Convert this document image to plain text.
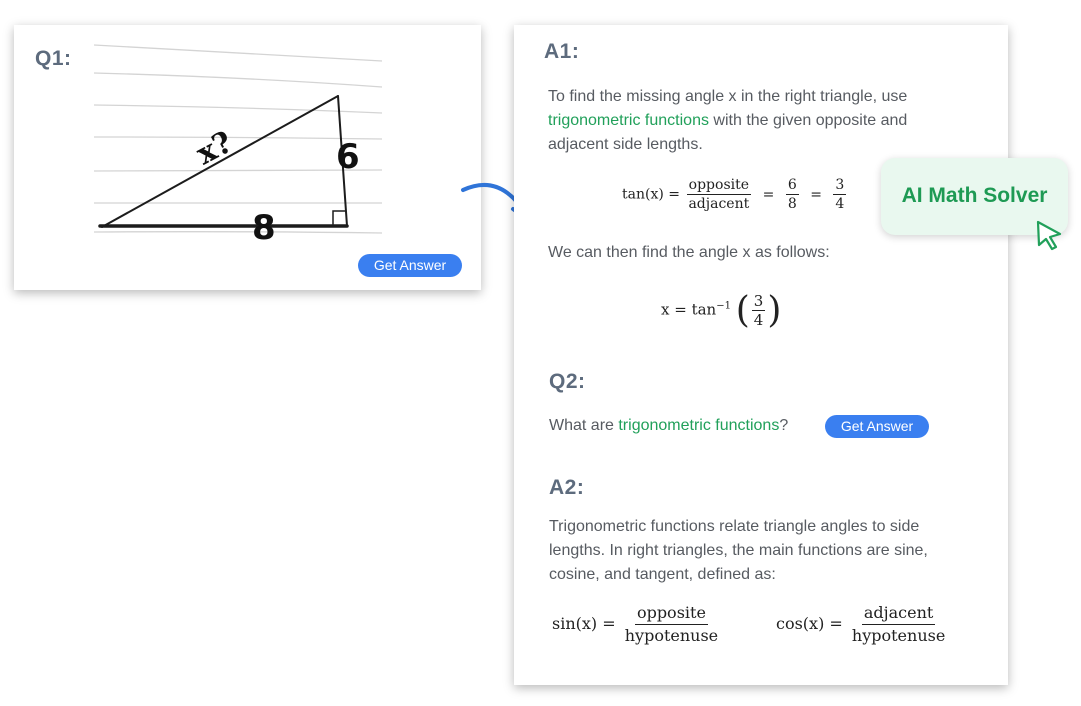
Q1:
x?	6
8
Get Answer
A1:
To find the missing angle x in the right triangle, use trigonometric functions with the given opposite and adjacent side lengths.
$\tan(x) = \frac{\text{opposite}}{\text{adjacent}} = \frac{6}{8} = \frac{3}{4}$
We can then find the angle x as follows:
$x = \tan^{-1}$ ( $\frac{3}{4}$ )
Q2:
What are trigonometric functions?	Get Answer
A2:
Trigonometric functions relate triangle angles to side lengths. In right triangles, the main functions are sine, cosine, and tangent, defined as:
$\sin(x) = \frac{\text{opposite}}{\text{hypotenuse}}$	$\cos(x) = \frac{\text{adjacent}}{\text{hypotenuse}}$
AI Math Solver
